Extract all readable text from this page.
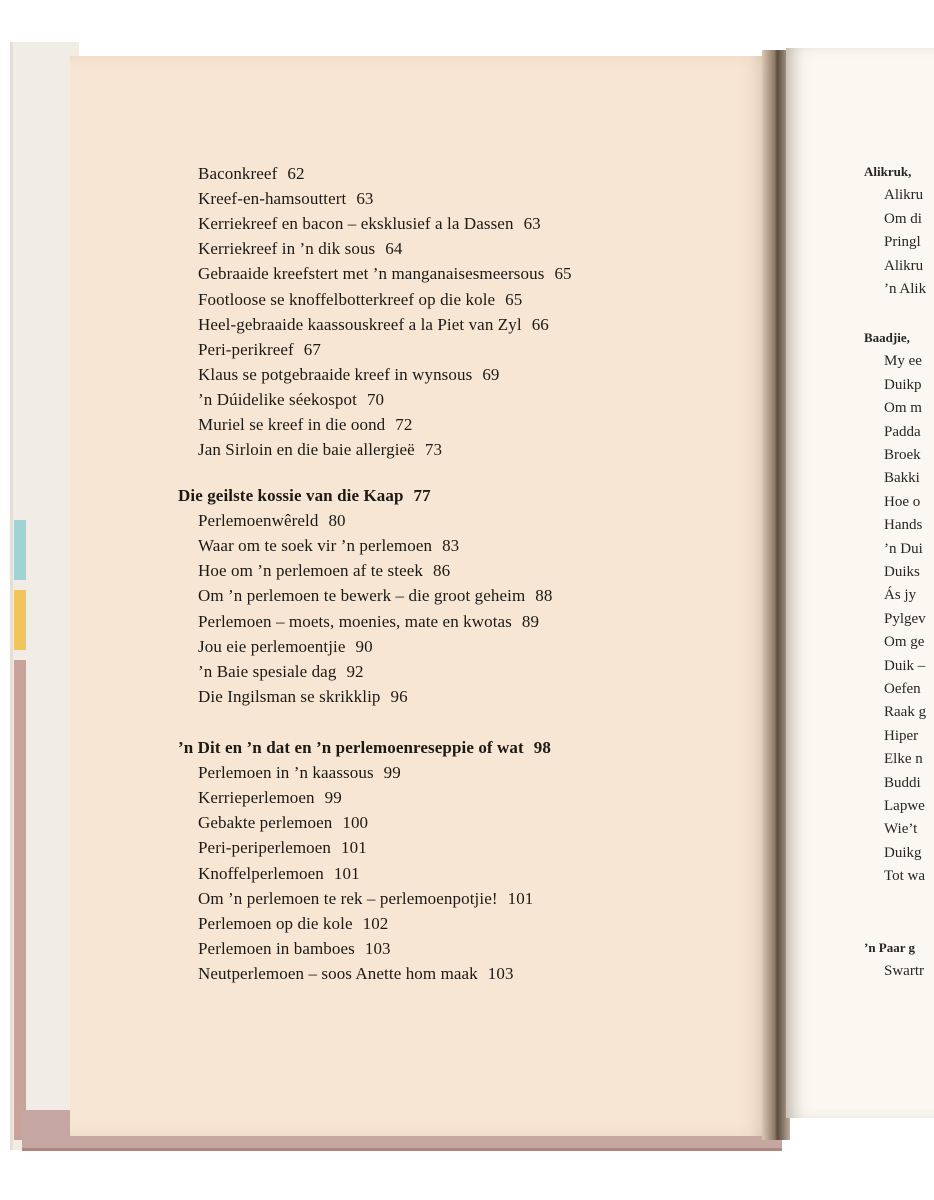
Baconkreef 62
Kreef-en-hamsouttert 63
Kerriekreef en bacon – eksklusief a la Dassen 63
Kerriekreef in ’n dik sous 64
Gebraaide kreefstert met ’n manganaisesmeersous 65
Footloose se knoffelbotterkreef op die kole 65
Heel-gebraaide kaassouskreef a la Piet van Zyl 66
Peri-perikreef 67
Klaus se potgebraaide kreef in wynsous 69
’n Dúidelike séekospot 70
Muriel se kreef in die oond 72
Jan Sirloin en die baie allergieë 73
Die geilste kossie van die Kaap 77
Perlemoenwêreld 80
Waar om te soek vir ’n perlemoen 83
Hoe om ’n perlemoen af te steek 86
Om ’n perlemoen te bewerk – die groot geheim 88
Perlemoen – moets, moenies, mate en kwotas 89
Jou eie perlemoentjie 90
’n Baie spesiale dag 92
Die Ingilsman se skrikklip 96
’n Dit en ’n dat en ’n perlemoenreseppie of wat 98
Perlemoen in ’n kaassous 99
Kerrieperlemoen 99
Gebakte perlemoen 100
Peri-periperlemoen 101
Knoffelperlemoen 101
Om ’n perlemoen te rek – perlemoenpotjie! 101
Perlemoen op die kole 102
Perlemoen in bamboes 103
Neutperlemoen – soos Anette hom maak 103
Alikruk,
Alikru
Om di
Pringl
Alikru
’n Alik
Baadjie,
My ee
Duikp
Om m
Padda
Broek
Bakki
Hoe o
Hands
’n Dui
Duiks
Ás jy
Pylgev
Om ge
Duik –
Oefen
Raak g
Hiper
Elke n
Buddi
Lapwe
Wie’t
Duikg
Tot wa
’n Paar g
Swartr
